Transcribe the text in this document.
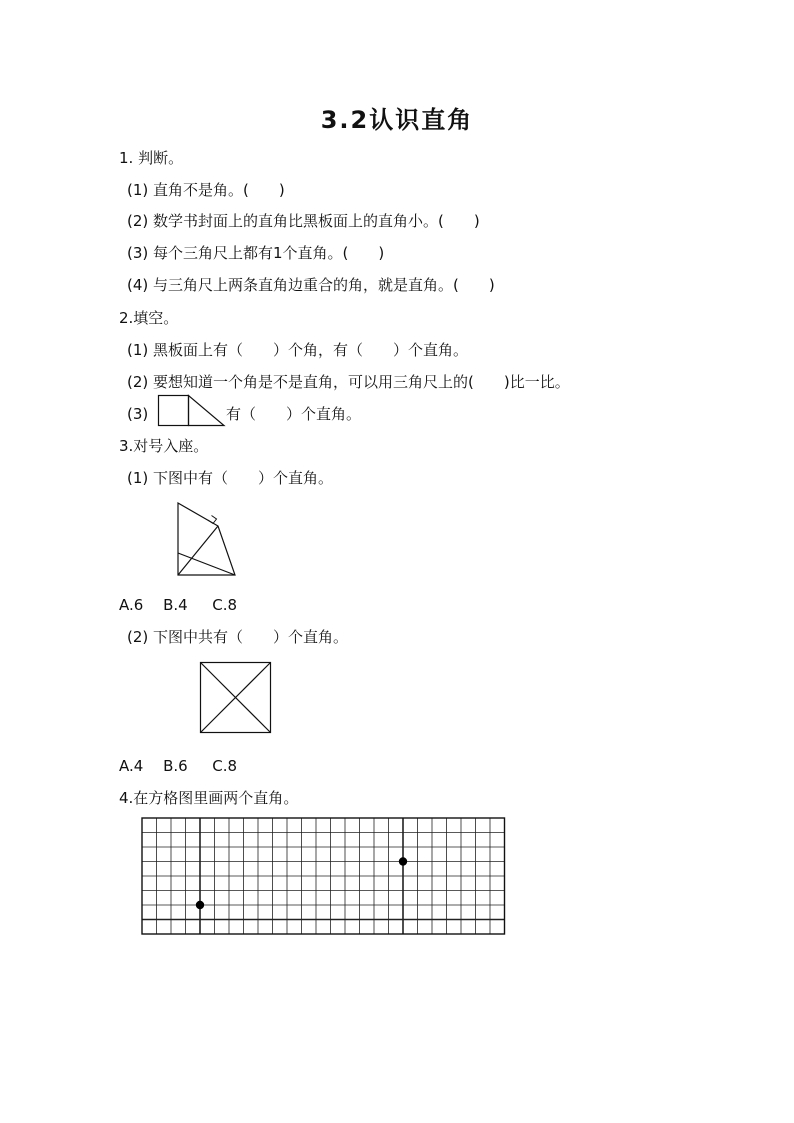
3.2认识直角
1. 判断。
(1) 直角不是角。(　　)
(2) 数学书封面上的直角比黑板面上的直角小。(　　)
(3) 每个三角尺上都有1个直角。(　　)
(4) 与三角尺上两条直角边重合的角，就是直角。(　　)
2.填空。
(1) 黑板面上有（　　）个角，有（　　）个直角。
(2) 要想知道一个角是不是直角，可以用三角尺上的(　　)比一比。
(3)	有（　　）个直角。
3.对号入座。
(1) 下图中有（　　）个直角。
A.6　 B.4　  C.8
(2) 下图中共有（　　）个直角。
A.4　 B.6　  C.8
4.在方格图里画两个直角。
